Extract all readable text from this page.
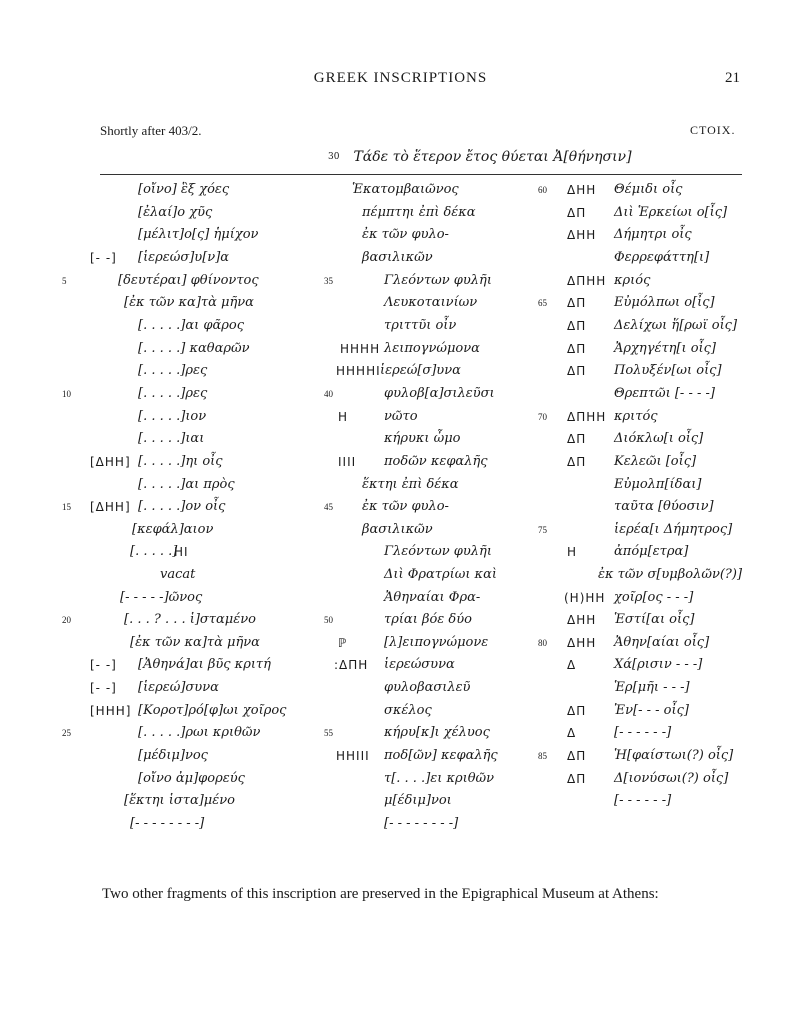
GREEK INSCRIPTIONS	21
Shortly after 403/2.	CTOIX.
30 Τάδε τὸ ἕτερον ἔτος θύεται Ἀ[θήνησιν]
5
10
15
20
25
[- -]
[ΔΗΗ]
[ΔΗΗ]
ΗΙ
[- -]
[- -]
[ΗΗΗ]
[οἴνο] ἓξ χόες
[ἐλαί]ο χῦς
[μέλιτ]ο[ς] ἡμίχον
[ἱερεώσ]υ[ν]α
[δευτέραι] φθίνοντος
[ἐκ τῶν κα]τὰ μῆνα
[. . . . .]αι φᾶρος
[. . . . .] καθαρῶν
[. . . . .]ρες
[. . . . .]ρες
[. . . . .]ιον
[. . . . .]ιαι
[. . . . .]ηι οἶς
[. . . . .]αι πρὸς
[. . . . .]ον οἶς
[κεφάλ]αιον
[. . . . .]
vacat
[- - - - -]ῶνος
[. . . ? . . . ἱ]σταμένο
[ἐκ τῶν κα]τὰ μῆνα
[Ἀθηνά]αι βῦς κριτή
[ἱερεώ]συνα
[Κοροτ]ρό[φ]ωι χοῖρος
[. . . . .]ρωι κριθῶν
[μέδιμ]νος
[οἴνο ἀμ]φορεύς
[ἕκτηι ἱστα]μένο
[- - - - - - - -]
35
40
45
50
55
ΗΗΗΗ
ΗΗΗΗΙ
Η
ΙΙΙΙ
ℙ
:ΔΠΗ
ΗΗΙΙΙ
Ἑκατομβαιῶνος
πέμπτηι ἐπὶ δέκα
ἐκ τῶν φυλο-
βασιλικῶν
Γλεόντων φυλῆι
Λευκοταινίων
τριττῦι οἶν
λειπογνώμονα
ἱερεώ[σ]υνα
φυλοβ[α]σιλεῦσι
νῶτο
κήρυκι ὦμο
ποδῶν κεφαλῆς
ἕκτηι ἐπὶ δέκα
ἐκ τῶν φυλο-
βασιλικῶν
Γλεόντων φυλῆι
Διὶ Φρατρίωι καὶ
Ἀθηναίαι Φρα-
τρίαι βόε δύο
[λ]ειπογνώμονε
ἱερεώσυνα
φυλοβασιλεῦ
σκέλος
κήρυ[κ]ι χέλυος
ποδ[ῶν] κεφαλῆς
τ[. . . .]ει κριθῶν
μ[έδιμ]νοι
[- - - - - - - -]
60
65
70
75
80
85
ΔΗΗ
ΔΠ
ΔΗΗ
ΔΠΗΗ
ΔΠ
ΔΠ
ΔΠ
ΔΠ
ΔΠΗΗ
ΔΠ
ΔΠ
Η
(Η)ΗΗ
ΔΗΗ
ΔΗΗ
Δ
ΔΠ
Δ
ΔΠ
ΔΠ
Θέμιδι οἶς
Διὶ Ἑρκείωι ο[ἶς]
Δήμητρι οἶς
Φερρεφάττη[ι]
κριός
Εὐμόλπωι ο[ἶς]
Δελίχωι ἥ[ρωϊ οἶς]
Ἀρχηγέτη[ι οἶς]
Πολυξέν[ωι οἶς]
Θρεπτῶι [- - - -]
κριτός
Διόκλω[ι οἶς]
Κελεῶι [οἶς]
Εὐμολπ[ίδαι]
ταῦτα [θύοσιν]
ἱερέα[ι Δήμητρος]
ἀπόμ[ετρα]
ἐκ τῶν σ[υμβολῶν(?)]
χοῖρ[ος - - -]
Ἑστί[αι οἶς]
Ἀθην[αίαι οἶς]
Χά[ρισιν - - -]
Ἑρ[μῆι - - -]
Ἐν[- - - οἶς]
[- - - - - -]
Ἡ[φαίστωι(?) οἶς]
Δ[ιονύσωι(?) οἶς]
[- - - - - -]

Two other fragments of this inscription are preserved in the Epigraphical Museum at Athens:
